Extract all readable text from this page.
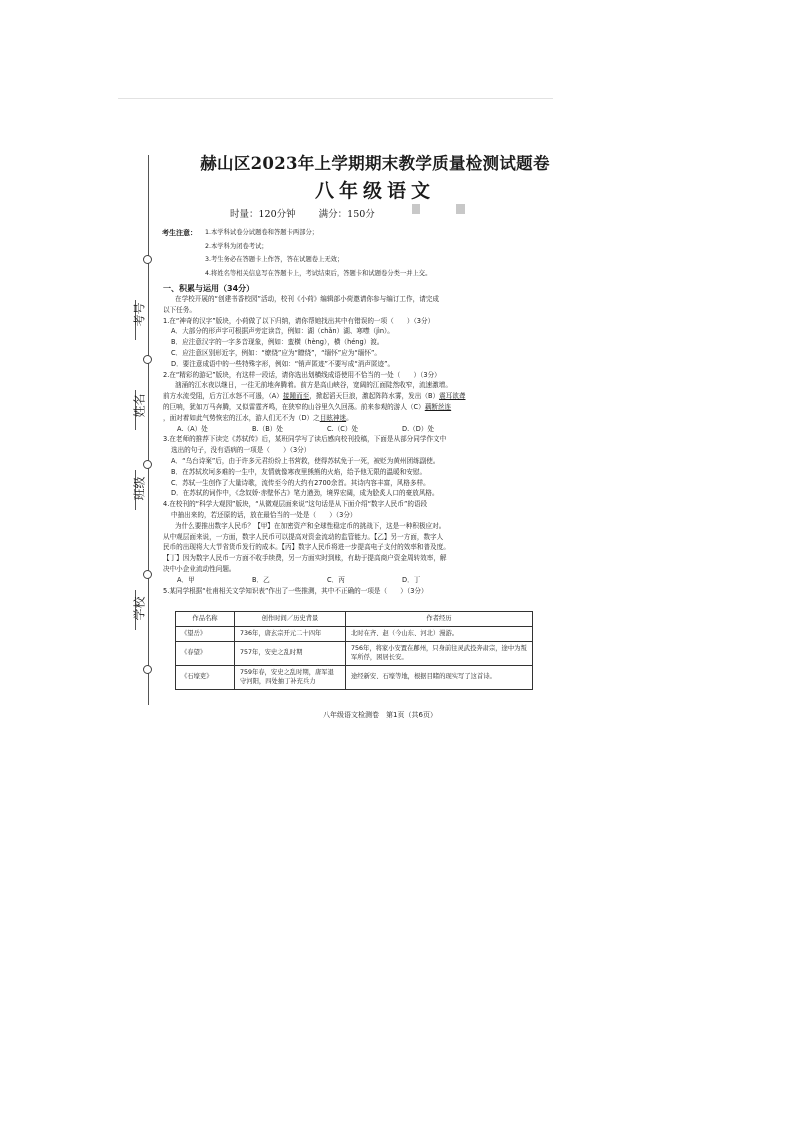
考号
姓名
班级
学校
赫山区2023年上学期期末教学质量检测试题卷
八年级语文
时量：120分钟 满分：150分
考生注意： 1.本学科试卷分试题卷和答题卡两部分；
2.本学科为闭卷考试；
3.考生务必在答题卡上作答，答在试题卷上无效；
4.将姓名等相关信息写在答题卡上，考试结束后，答题卡和试题卷分类一并上交。
一、积累与运用（34分）

在学校开展的“创建书香校园”活动，校刊《小荷》编辑部小荷邀请你参与编订工作，请完成

以下任务。

1.在“神奇的汉字”版块，小荷做了以下归纳，请你帮她找出其中有错误的一项（　　）（3分）

A．大部分的形声字可根据声旁定读音，例如：湖（chǎn）湖、寒噤（jìn）。

B．应注意汉字的一字多音现象，例如：蛮横（hèng），横（héng）渡。

C．应注意区别形近字，例如：“缭绕”应为“瞭绕”，“缅怀”应为“缅怀”。

D．要注意成语中的一些特殊字形，例如：“销声匿迹”不要写成“消声匿迹”。

2.在“精彩的游记”版块，有这样一段话，请你选出划横线成语使用不恰当的一处（　　）（3分）

汹涌的江水夜以继日，一往无前地奔腾着。前方是高山峡谷，宽阔的江面陡然收窄，流速激增。

前方水流受阻，后方江水怒不可遏，（A）接踵而至，掀起滔天巨浪，激起阵阵水雾，发出（B）震耳欲聋

的巨响，犹如万马奔腾，又似雷霆齐鸣，在狭窄的山谷里久久回荡。前来参观的游人（C）藕断丝连

，面对着如此气势恢宏的江水，游人们无不为（D）之目眩神迷。

A.（A）处	B.（B）处	C.（C）处	D.（D）处

3.在老师的推荐下读完《苏轼传》后，某班同学写了读后感向校刊投稿，下面是从部分同学作文中

选出的句子，没有语病的一项是（　　）（3分）

A．“乌台诗案”后，由于许多元君纷纷上书营救，使得苏轼免于一死，被贬为黄州团练副使。

B．在苏轼坎坷多难的一生中，友情就像寒夜里熊熊的火焰，给予他无限的温暖和安慰。

C．苏轼一生创作了大量诗歌，流传至今的大约有2700余首。其诗内容丰富，风格多样。

D．在苏轼的词作中，《念奴娇·赤壁怀古》笔力遒劲，境界宏阔，成为脍炙人口的豪放风格。

4.在校刊的“科学大观园”版块，“从微观层面来说”这句话是从下面介绍“数字人民币”的语段

中抽出来的，若还原的话，放在最恰当的一处是（　　）（3分）

为什么要推出数字人民币？【甲】在加密资产和全球性稳定币的挑战下，这是一种积极应对。

从中观层面来说，一方面，数字人民币可以提高对资金流动的监管能力。【乙】另一方面，数字人

民币的出现将大大节省货币发行的成本。【丙】数字人民币将进一步提高电子支付的效率和普及度。

【丁】因为数字人民币一方面不收手续费，另一方面实时到账，有助于提高商户资金周转效率，解

决中小企业流动性问题。

A．甲	B．乙	C．丙	D．丁

5.某同学根据“杜甫相关文学知识表”作出了一些推测，其中不正确的一项是（　　）（3分）

作品名称	创作时间／历史背景	作者经历
《望岳》	736年，唐玄宗开元二十四年	北时在齐、赵（今山东、河北）漫游。
《春望》	757年，安史之乱时期	756年，将家小安置在鄜州，只身前往灵武投奔肃宗，途中为叛军所俘，困居长安。
《石壕吏》	759年春，安史之乱时期，唐军退守河阳，四处抽丁补充兵力	途经新安、石壕等地，根据目睹的现实写了这首诗。
八年级语文检测卷　第1页（共6页）
